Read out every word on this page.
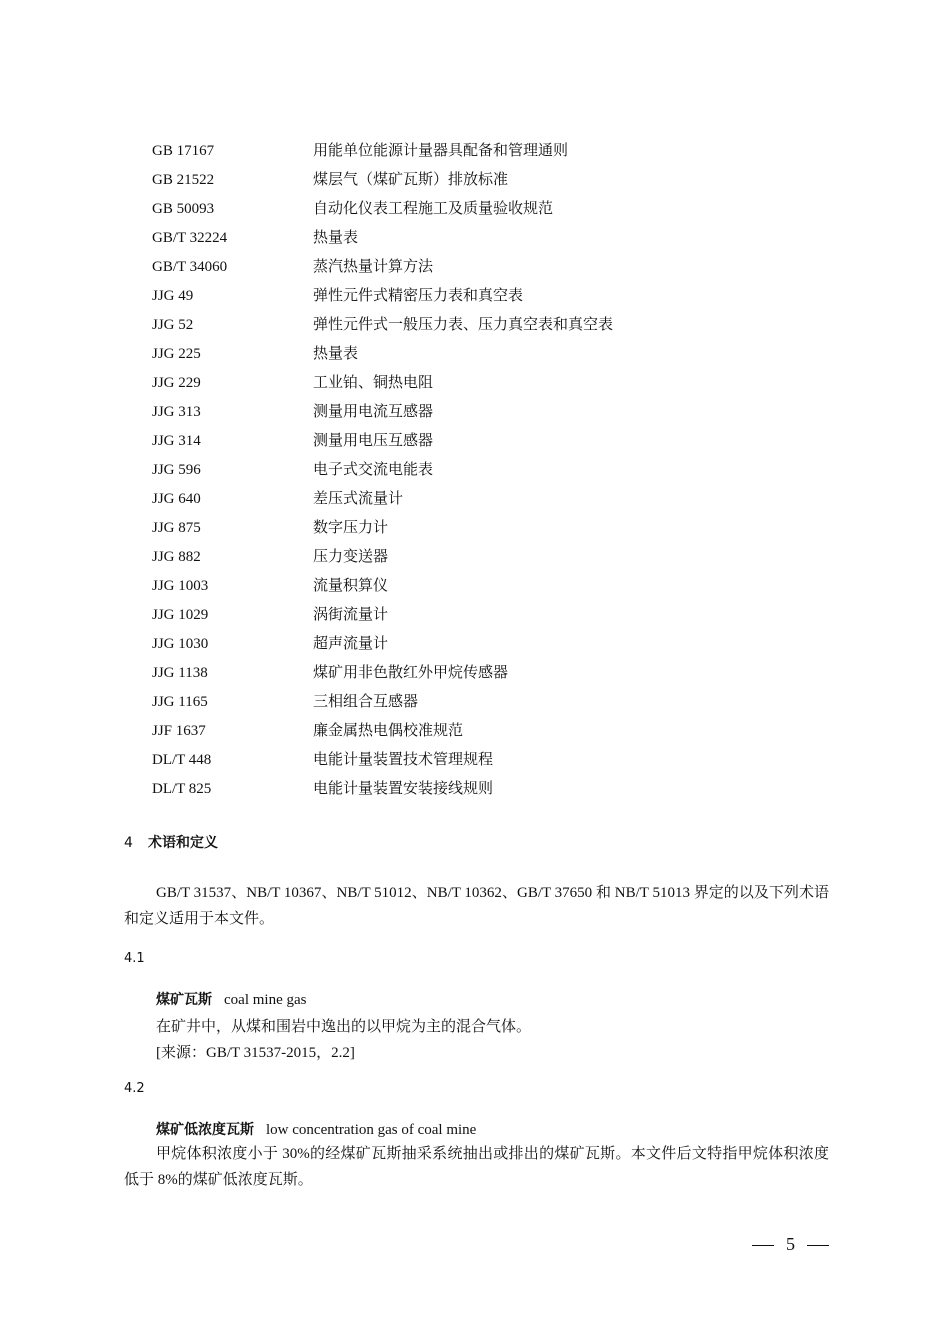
GB 17167	用能单位能源计量器具配备和管理通则
GB 21522	煤层气（煤矿瓦斯）排放标准
GB 50093	自动化仪表工程施工及质量验收规范
GB/T 32224	热量表
GB/T 34060	蒸汽热量计算方法
JJG 49	弹性元件式精密压力表和真空表
JJG 52	弹性元件式一般压力表、压力真空表和真空表
JJG 225	热量表
JJG 229	工业铂、铜热电阻
JJG 313	测量用电流互感器
JJG 314	测量用电压互感器
JJG 596	电子式交流电能表
JJG 640	差压式流量计
JJG 875	数字压力计
JJG 882	压力变送器
JJG 1003	流量积算仪
JJG 1029	涡街流量计
JJG 1030	超声流量计
JJG 1138	煤矿用非色散红外甲烷传感器
JJG 1165	三相组合互感器
JJF 1637	廉金属热电偶校准规范
DL/T 448	电能计量装置技术管理规程
DL/T 825	电能计量装置安装接线规则
4 术语和定义
GB/T 31537、NB/T 10367、NB/T 51012、NB/T 10362、GB/T 37650 和 NB/T 51013 界定的以及下列术语和定义适用于本文件。
4.1
煤矿瓦斯 coal mine gas
在矿井中，从煤和围岩中逸出的以甲烷为主的混合气体。
[来源：GB/T 31537-2015，2.2]
4.2
煤矿低浓度瓦斯 low concentration gas of coal mine
甲烷体积浓度小于 30%的经煤矿瓦斯抽采系统抽出或排出的煤矿瓦斯。本文件后文特指甲烷体积浓度低于 8%的煤矿低浓度瓦斯。
5
